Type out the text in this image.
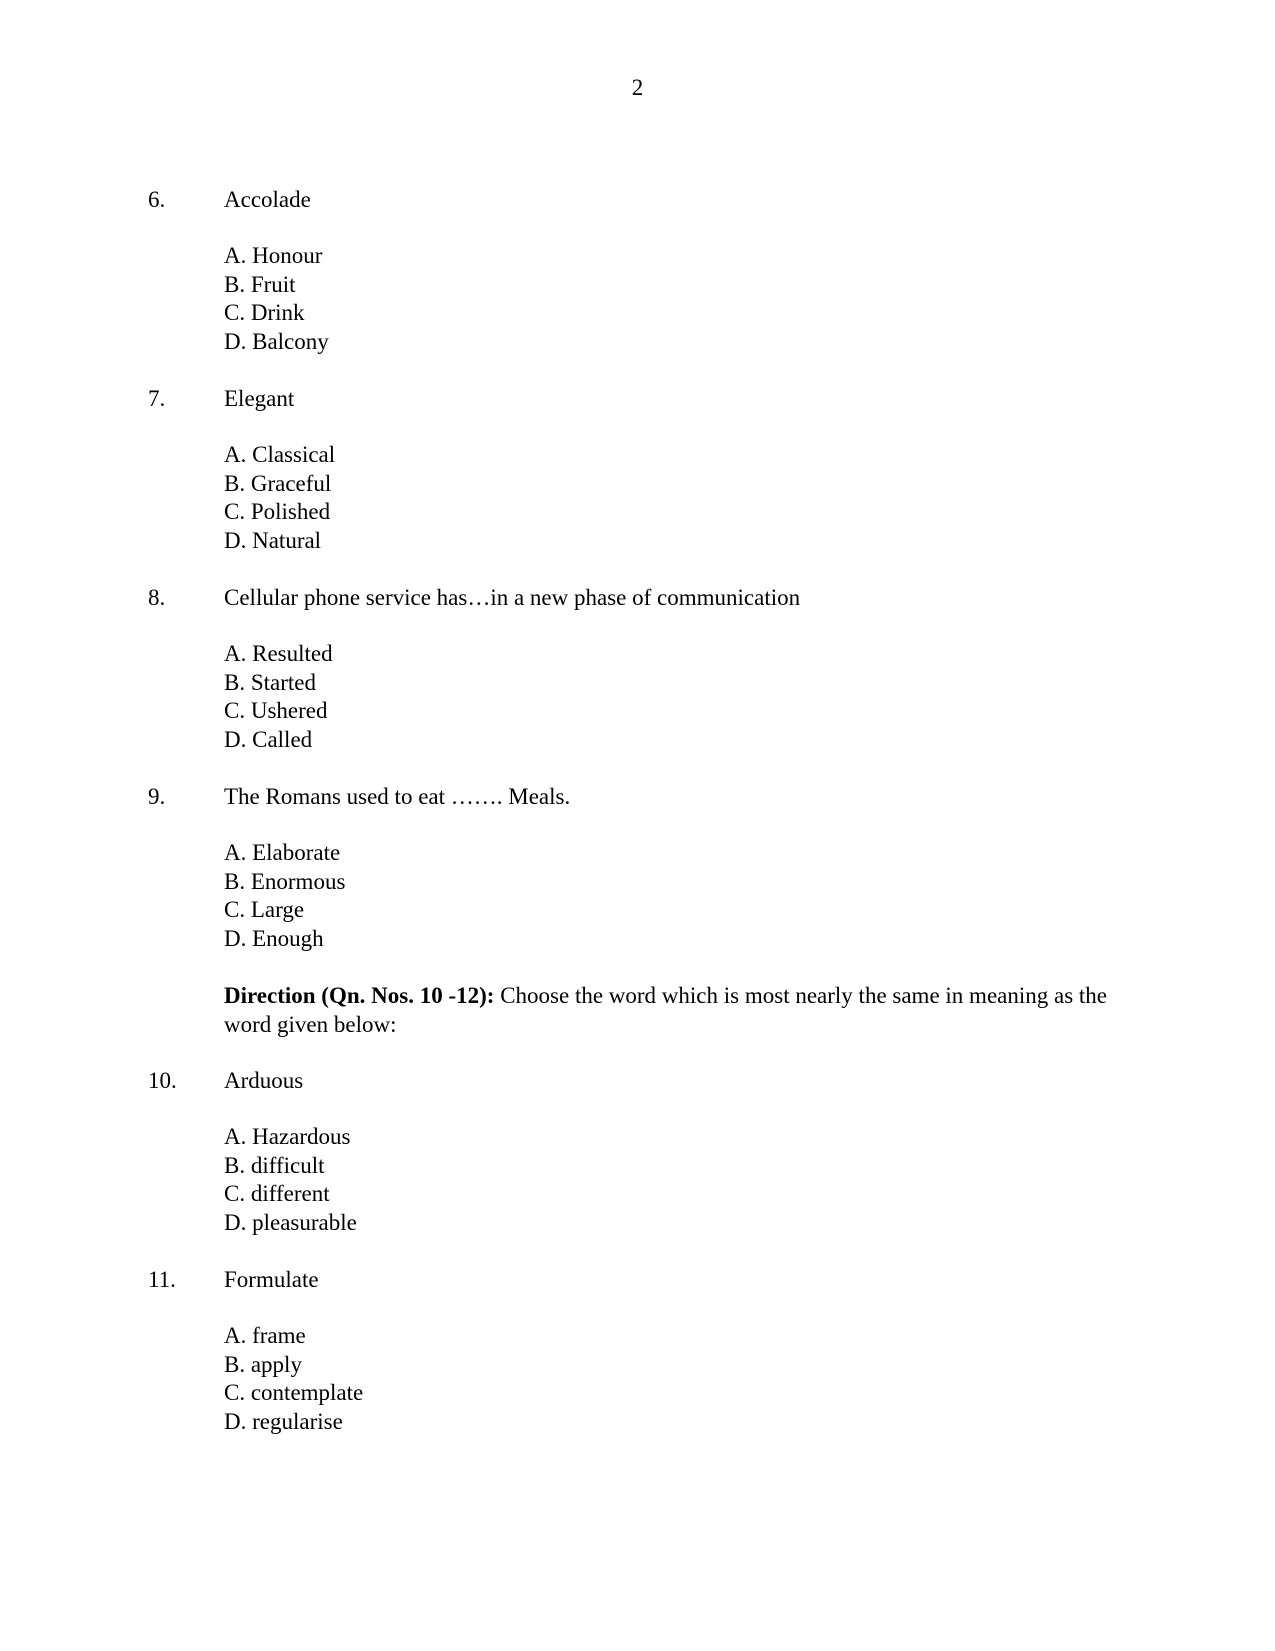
2
6.	Accolade
A. Honour
B. Fruit
C. Drink
D. Balcony
7.	Elegant
A. Classical
B. Graceful
C. Polished
D. Natural
8.	Cellular phone service has…in a new phase of communication
A. Resulted
B. Started
C. Ushered
D. Called
9.	The Romans used to eat ……. Meals.
A. Elaborate
B. Enormous
C. Large
D. Enough
Direction (Qn. Nos. 10 -12): Choose the word which is most nearly the same in meaning as the word given below:
10. Arduous
A. Hazardous
B. difficult
C. different
D. pleasurable
11. Formulate
A. frame
B. apply
C. contemplate
D. regularise
